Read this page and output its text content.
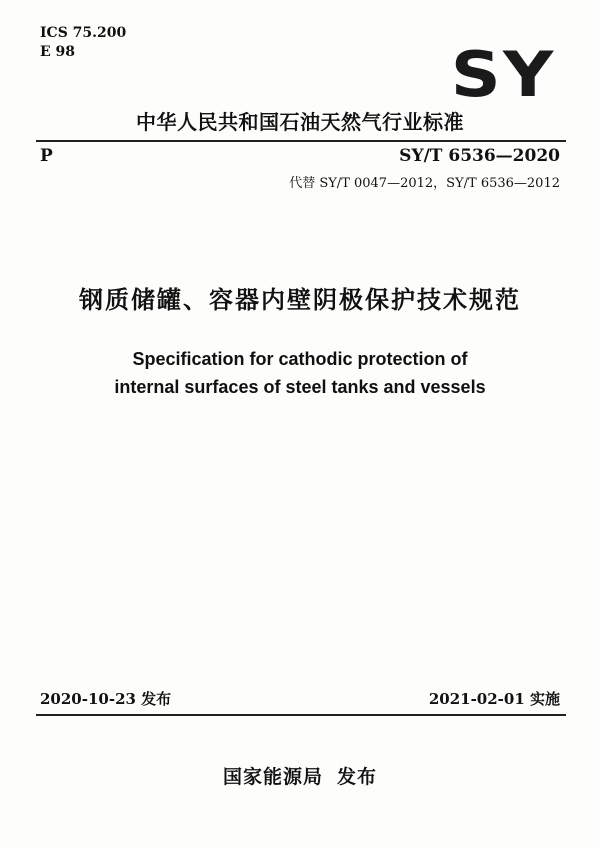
ICS 75.200
E 98	SY
中华人民共和国石油天然气行业标准
P	SY/T 6536—2020
代替 SY/T 0047—2012，SY/T 6536—2012
钢质储罐、容器内壁阴极保护技术规范
Specification for cathodic protection of
internal surfaces of steel tanks and vessels
2020-10-23 发布	2021-02-01 实施
国家能源局 发布
